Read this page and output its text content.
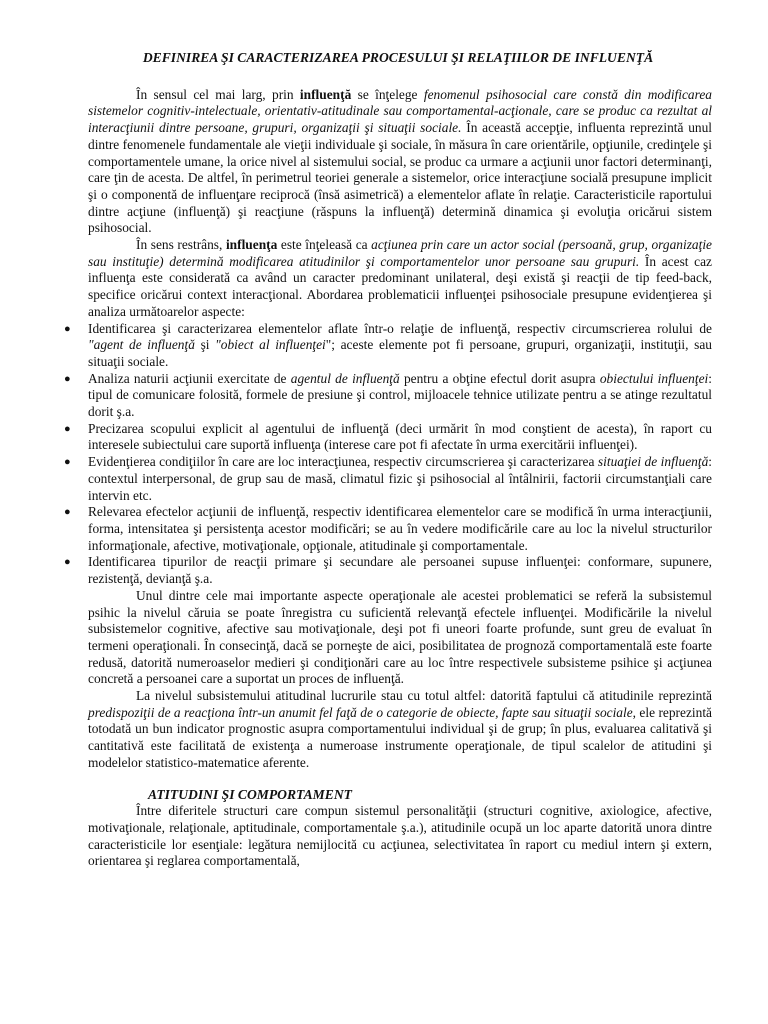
DEFINIREA ŞI CARACTERIZAREA PROCESULUI ŞI RELAŢIILOR DE INFLUENŢĂ

În sensul cel mai larg, prin influenţă se înţelege fenomenul psihosocial care constă din modificarea sistemelor cognitiv-intelectuale, orientativ-atitudinale sau comportamental-acţionale, care se produc ca rezultat al interacţiunii dintre persoane, grupuri, organizaţii şi situaţii sociale. În această accepţie, influenta reprezintă unul dintre fenomenele fundamentale ale vieţii individuale şi sociale, în măsura în care orientările, opţiunile, credinţele şi comportamentele umane, la orice nivel al sistemului social, se produc ca urmare a acţiunii unor factori determinanţi, care ţin de acesta. De altfel, în perimetrul teoriei generale a sistemelor, orice interacţiune socială presupune implicit şi o componentă de influenţare reciprocă (însă asimetrică) a elementelor aflate în relaţie. Caracteristicile raportului dintre acţiune (influenţă) şi reacţiune (răspuns la influenţă) determină dinamica şi evoluţia oricărui sistem psihosocial.

În sens restrâns, influenţa este înţeleasă ca acţiunea prin care un actor social (persoană, grup, organizaţie sau instituţie) determină modificarea atitudinilor şi comportamentelor unor persoane sau grupuri. În acest caz influenţa este considerată ca având un caracter predominant unilateral, deşi există şi reacţii de tip feed-back, specifice oricărui context interacţional. Abordarea problematicii influenţei psihosociale presupune evidenţierea şi analiza următoarelor aspecte:

● Identificarea şi caracterizarea elementelor aflate într-o relaţie de influenţă, respectiv circumscrierea rolului de "agent de influenţă şi "obiect al influenţei"; aceste elemente pot fi persoane, grupuri, organizaţii, instituţii, sau situaţii sociale.
● Analiza naturii acţiunii exercitate de agentul de influenţă pentru a obţine efectul dorit asupra obiectului influenţei: tipul de comunicare folosită, formele de presiune şi control, mijloacele tehnice utilizate pentru a se atinge rezultatul dorit ş.a.
● Precizarea scopului explicit al agentului de influenţă (deci urmărit în mod conştient de acesta), în raport cu interesele subiectului care suportă influenţa (interese care pot fi afectate în urma exercitării influenţei).
● Evidenţierea condiţiilor în care are loc interacţiunea, respectiv circumscrierea şi caracterizarea situaţiei de influenţă: contextul interpersonal, de grup sau de masă, climatul fizic şi psihosocial al întâlnirii, factorii circumstanţiali care intervin etc.
● Relevarea efectelor acţiunii de influenţă, respectiv identificarea elementelor care se modifică în urma interacţiunii, forma, intensitatea şi persistenţa acestor modificări; se au în vedere modificările care au loc la nivelul structurilor informaţionale, afective, motivaţionale, opţionale, atitudinale şi comportamentale.
● Identificarea tipurilor de reacţii primare şi secundare ale persoanei supuse influenţei: conformare, supunere, rezistenţă, devianţă ş.a.

Unul dintre cele mai importante aspecte operaţionale ale acestei problematici se referă la subsistemul psihic la nivelul căruia se poate înregistra cu suficientă relevanţă efectele influenţei. Modificările la nivelul subsistemelor cognitive, afective sau motivaţionale, deşi pot fi uneori foarte profunde, sunt greu de evaluat în termeni operaţionali. În consecinţă, dacă se porneşte de aici, posibilitatea de prognoză comportamentală este foarte redusă, datorită numeroaselor medieri şi condiţionări care au loc între respectivele subsisteme psihice şi acţiunea concretă a persoanei care a suportat un proces de influenţă.

La nivelul subsistemului atitudinal lucrurile stau cu totul altfel: datorită faptului că atitudinile reprezintă predispoziţii de a reacţiona într-un anumit fel faţă de o categorie de obiecte, fapte sau situaţii sociale, ele reprezintă totodată un bun indicator prognostic asupra comportamentului individual şi de grup; în plus, evaluarea calitativă şi cantitativă este facilitată de existenţa a numeroase instrumente operaţionale, de tipul scalelor de atitudini şi modelelor statistico-matematice aferente.

ATITUDINI ŞI COMPORTAMENT

Între diferitele structuri care compun sistemul personalităţii (structuri cognitive, axiologice, afective, motivaţionale, relaţionale, aptitudinale, comportamentale ş.a.), atitudinile ocupă un loc aparte datorită unora dintre caracteristicile lor esenţiale: legătura nemijlocită cu acţiunea, selectivitatea în raport cu mediul intern şi extern, orientarea şi reglarea comportamentală,
